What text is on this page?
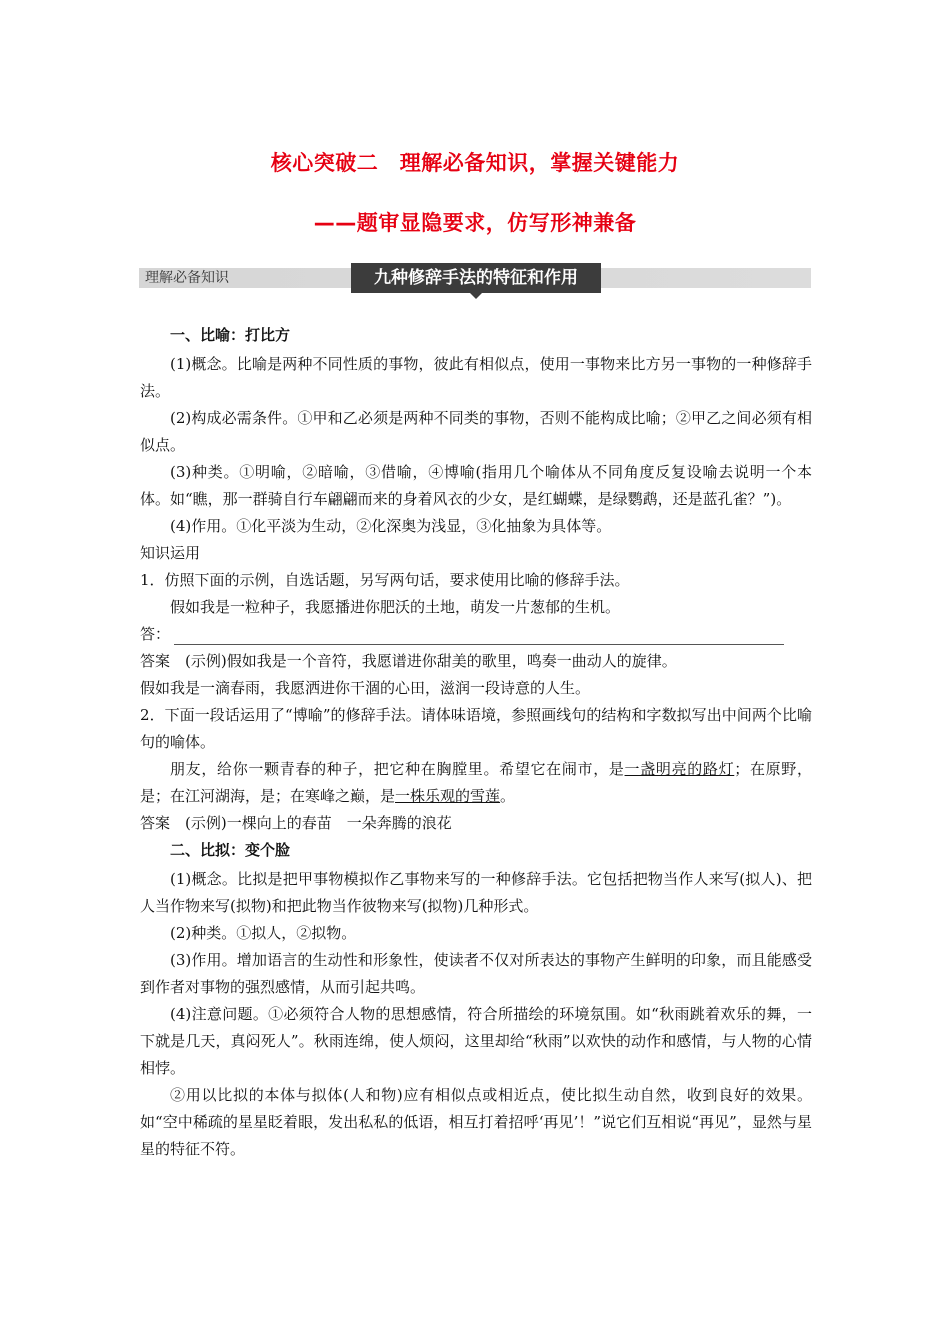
核心突破二　理解必备知识，掌握关键能力
——题审显隐要求，仿写形神兼备
理解必备知识	九种修辞手法的特征和作用

一、比喻：打比方

(1)概念。比喻是两种不同性质的事物，彼此有相似点，使用一事物来比方另一事物的一种修辞手法。

(2)构成必需条件。①甲和乙必须是两种不同类的事物，否则不能构成比喻；②甲乙之间必须有相似点。

(3)种类。①明喻，②暗喻，③借喻，④博喻(指用几个喻体从不同角度反复设喻去说明一个本体。如“瞧，那一群骑自行车翩翩而来的身着风衣的少女，是红蝴蝶，是绿鹦鹉，还是蓝孔雀？”)。

(4)作用。①化平淡为生动，②化深奥为浅显，③化抽象为具体等。

知识运用

1．仿照下面的示例，自选话题，另写两句话，要求使用比喻的修辞手法。

假如我是一粒种子，我愿播进你肥沃的土地，萌发一片葱郁的生机。

答：

答案　(示例)假如我是一个音符，我愿谱进你甜美的歌里，鸣奏一曲动人的旋律。

假如我是一滴春雨，我愿洒进你干涸的心田，滋润一段诗意的人生。

2．下面一段话运用了“博喻”的修辞手法。请体味语境，参照画线句的结构和字数拟写出中间两个比喻句的喻体。

朋友，给你一颗青春的种子，把它种在胸膛里。希望它在闹市，是一盏明亮的路灯；在原野，是；在江河湖海，是；在寒峰之巅，是一株乐观的雪莲。

答案　(示例)一棵向上的春苗　一朵奔腾的浪花

二、比拟：变个脸

(1)概念。比拟是把甲事物模拟作乙事物来写的一种修辞手法。它包括把物当作人来写(拟人)、把人当作物来写(拟物)和把此物当作彼物来写(拟物)几种形式。

(2)种类。①拟人，②拟物。

(3)作用。增加语言的生动性和形象性，使读者不仅对所表达的事物产生鲜明的印象，而且能感受到作者对事物的强烈感情，从而引起共鸣。

(4)注意问题。①必须符合人物的思想感情，符合所描绘的环境氛围。如“秋雨跳着欢乐的舞，一下就是几天，真闷死人”。秋雨连绵，使人烦闷，这里却给“秋雨”以欢快的动作和感情，与人物的心情相悖。

②用以比拟的本体与拟体(人和物)应有相似点或相近点，使比拟生动自然，收到良好的效果。如“空中稀疏的星星眨着眼，发出私私的低语，相互打着招呼‘再见’！”说它们互相说“再见”，显然与星星的特征不符。
